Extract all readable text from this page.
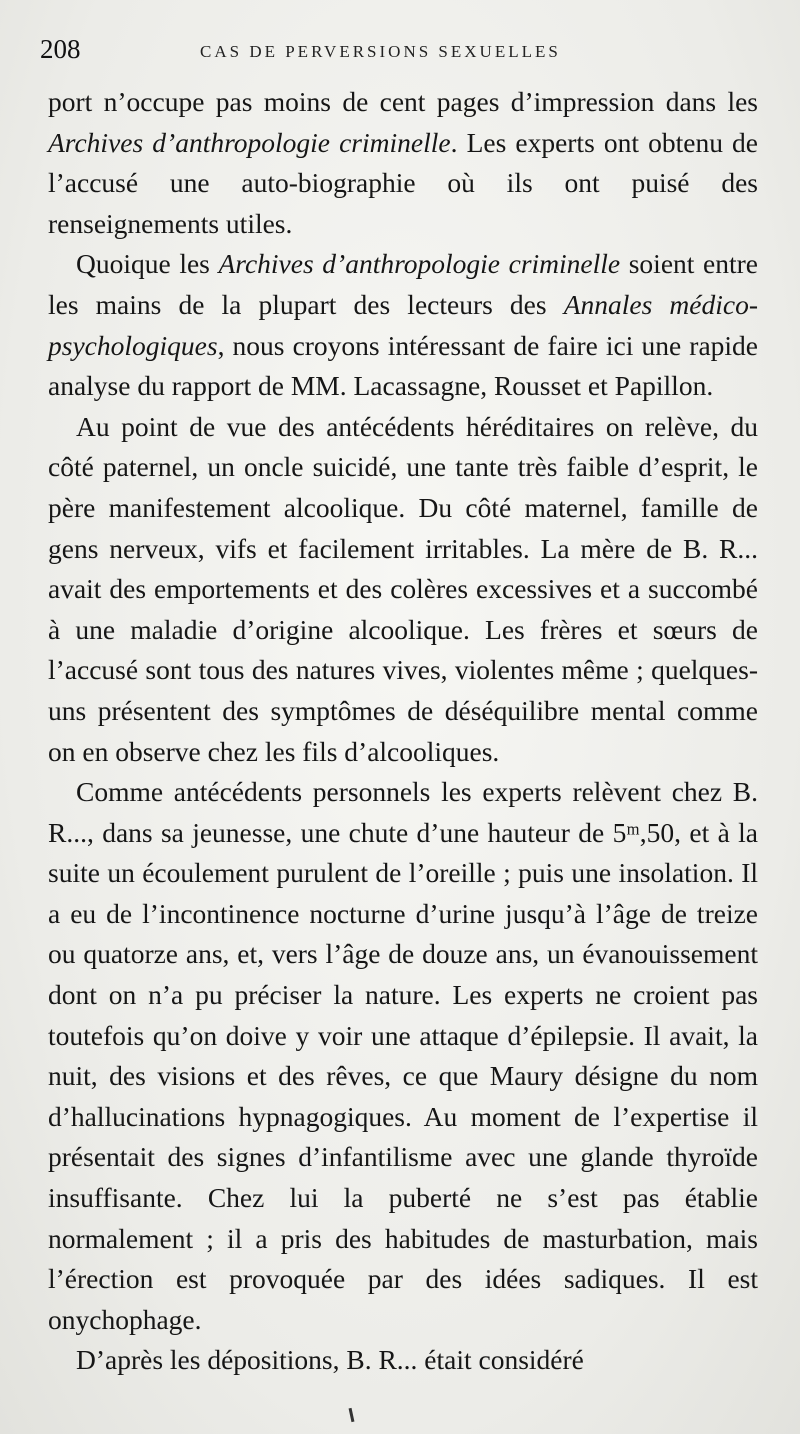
208	CAS DE PERVERSIONS SEXUELLES

port n’occupe pas moins de cent pages d’impression dans les Archives d’anthropologie criminelle. Les experts ont obtenu de l’accusé une auto-biographie où ils ont puisé des renseignements utiles.

Quoique les Archives d’anthropologie criminelle soient entre les mains de la plupart des lecteurs des Annales médico-psychologiques, nous croyons intéressant de faire ici une rapide analyse du rapport de MM. Lacassagne, Rousset et Papillon.

Au point de vue des antécédents héréditaires on relève, du côté paternel, un oncle suicidé, une tante très faible d’esprit, le père manifestement alcoolique. Du côté maternel, famille de gens nerveux, vifs et facilement irritables. La mère de B. R... avait des emportements et des colères excessives et a succombé à une maladie d’origine alcoolique. Les frères et sœurs de l’accusé sont tous des natures vives, violentes même ; quelques-uns présentent des symptômes de déséquilibre mental comme on en observe chez les fils d’alcooliques.

Comme antécédents personnels les experts relèvent chez B. R..., dans sa jeunesse, une chute d’une hauteur de 5ᵐ,50, et à la suite un écoulement purulent de l’oreille ; puis une insolation. Il a eu de l’incontinence nocturne d’urine jusqu’à l’âge de treize ou quatorze ans, et, vers l’âge de douze ans, un évanouissement dont on n’a pu préciser la nature. Les experts ne croient pas toutefois qu’on doive y voir une attaque d’épilepsie. Il avait, la nuit, des visions et des rêves, ce que Maury désigne du nom d’hallucinations hypnagogiques. Au moment de l’expertise il présentait des signes d’infantilisme avec une glande thyroïde insuffisante. Chez lui la puberté ne s’est pas établie normalement ; il a pris des habitudes de masturbation, mais l’érection est provoquée par des idées sadiques. Il est onychophage.

D’après les dépositions, B. R... était considéré
